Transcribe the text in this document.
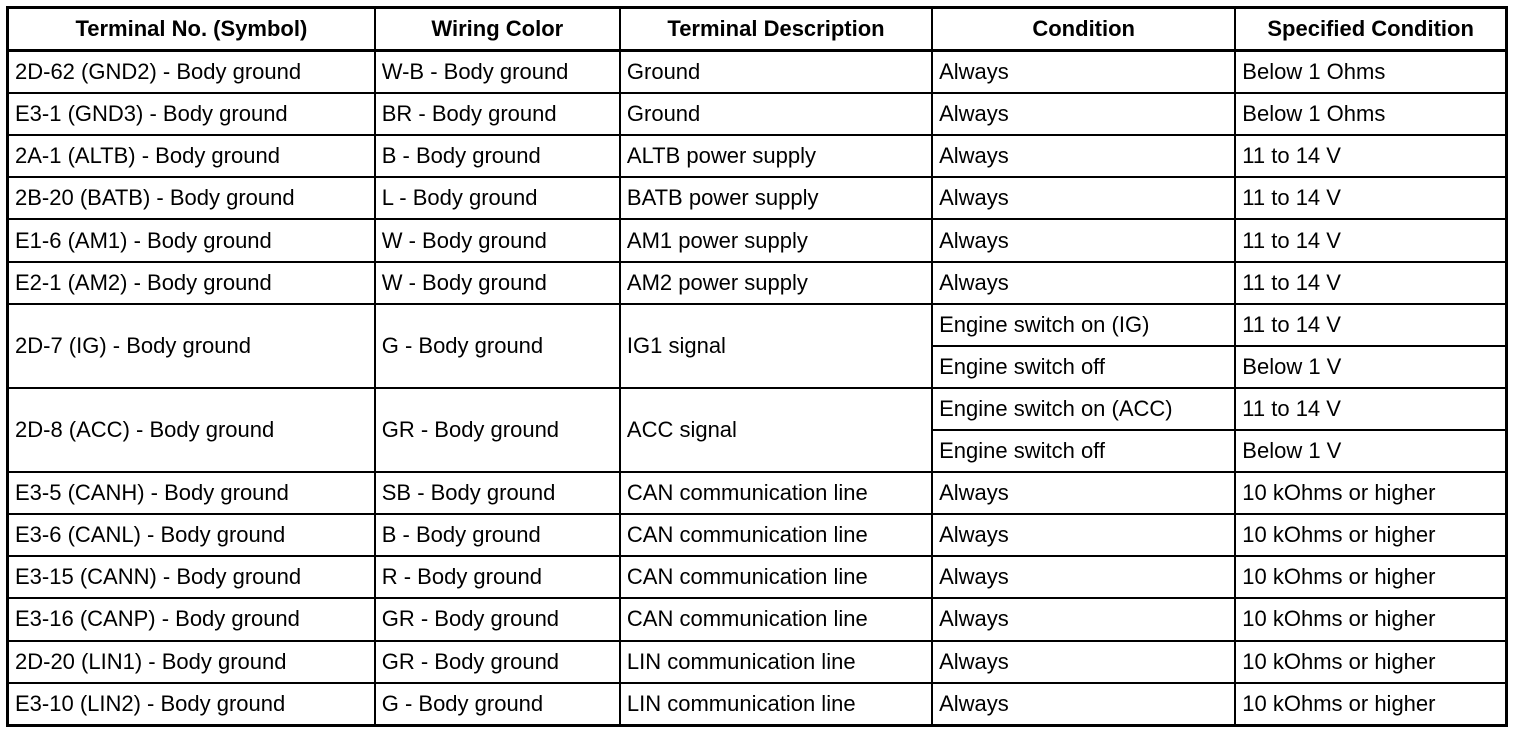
Terminal No. (Symbol)	Wiring Color	Terminal Description	Condition	Specified Condition
2D-62 (GND2) - Body ground	W-B - Body ground	Ground	Always	Below 1 Ohms
E3-1 (GND3) - Body ground	BR - Body ground	Ground	Always	Below 1 Ohms
2A-1 (ALTB) - Body ground	B - Body ground	ALTB power supply	Always	11 to 14 V
2B-20 (BATB) - Body ground	L - Body ground	BATB power supply	Always	11 to 14 V
E1-6 (AM1) - Body ground	W - Body ground	AM1 power supply	Always	11 to 14 V
E2-1 (AM2) - Body ground	W - Body ground	AM2 power supply	Always	11 to 14 V
2D-7 (IG) - Body ground	G - Body ground	IG1 signal	Engine switch on (IG)	11 to 14 V
			Engine switch off	Below 1 V
2D-8 (ACC) - Body ground	GR - Body ground	ACC signal	Engine switch on (ACC)	11 to 14 V
			Engine switch off	Below 1 V
E3-5 (CANH) - Body ground	SB - Body ground	CAN communication line	Always	10 kOhms or higher
E3-6 (CANL) - Body ground	B - Body ground	CAN communication line	Always	10 kOhms or higher
E3-15 (CANN) - Body ground	R - Body ground	CAN communication line	Always	10 kOhms or higher
E3-16 (CANP) - Body ground	GR - Body ground	CAN communication line	Always	10 kOhms or higher
2D-20 (LIN1) - Body ground	GR - Body ground	LIN communication line	Always	10 kOhms or higher
E3-10 (LIN2) - Body ground	G - Body ground	LIN communication line	Always	10 kOhms or higher
